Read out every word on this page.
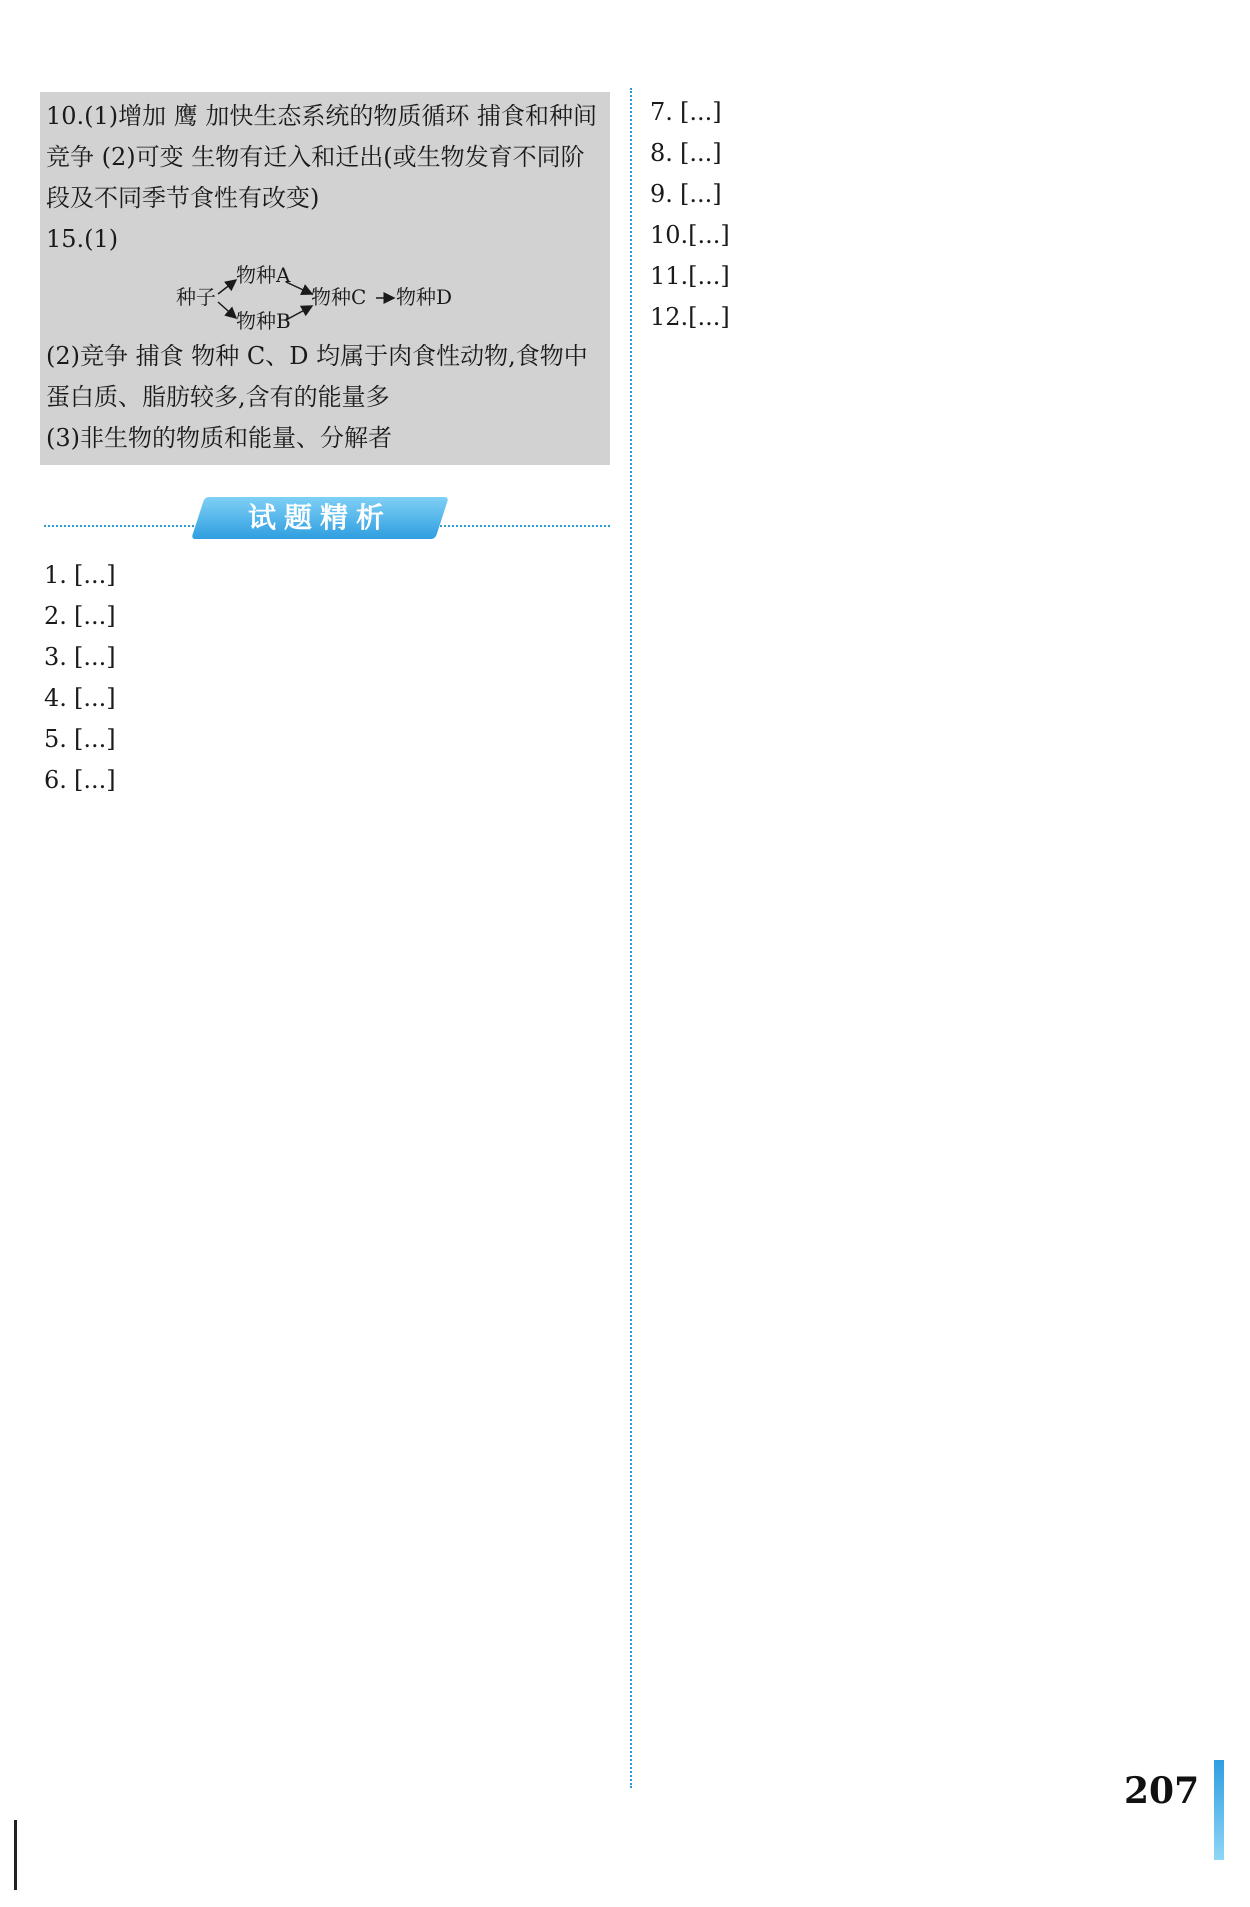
10.(1)增加 鹰 加快生态系统的物质循环 捕食和种间竞争 (2)可变 生物有迁入和迁出(或生物发育不同阶段及不同季节食性有改变)

15.(1)

种子
物种A
物种B
物种C 物种D

(2)竞争 捕食 物种 C、D 均属于肉食性动物,食物中蛋白质、脂肪较多,含有的能量多

(3)非生物的物质和能量、分解者

试题精析

1. [...]

2. [...]

3. [...]

4. [...]

5. [...]

6. [...]

7. [...]

8. [...]

9. [...]

10.[...]

11.[...]

12.[...]

207
